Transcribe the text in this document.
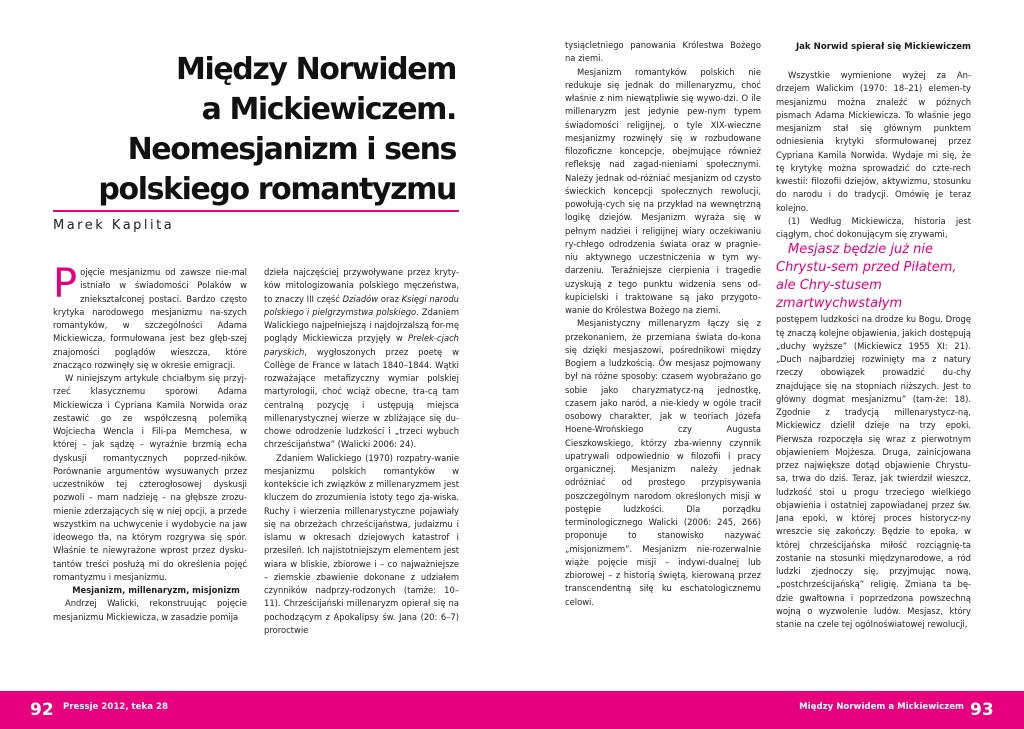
Między Norwidem
a Mickiewiczem.
Neomesjanizm i sens
polskiego romantyzmu
Marek Kaplita

Pojęcie mesjanizmu od zawsze nie-mal istniało w świadomości Polaków w zniekształconej postaci. Bardzo często krytyka narodowego mesjanizmu na-szych romantyków, w szczególności Adama Mickiewicza, formułowana jest bez głęb-szej znajomości poglądów wieszcza, które znacząco rozwinęły się w okresie emigracji.

W niniejszym artykule chciałbym się przyj-rzeć klasycznemu sporowi Adama Mickiewicza i Cypriana Kamila Norwida oraz zestawić go ze współczesną polemiką Wojciecha Wencla i Fili-pa Memchesa, w której – jak sądzę – wyraźnie brzmią echa dyskusji romantycznych poprzed-ników. Porównanie argumentów wysuwanych przez uczestników tej czterogłosowej dyskusji pozwoli – mam nadzieję – na głębsze zrozu-mienie zderzających się w niej opcji, a przede wszystkim na uchwycenie i wydobycie na jaw ideowego tła, na którym rozgrywa się spór. Właśnie te niewyrażone wprost przez dysku-tantów treści posłużą mi do określenia pojęć romantyzmu i mesjanizmu.

Mesjanizm, millenaryzm, misjonizm

Andrzej Walicki, rekonstruując pojęcie mesjanizmu Mickiewicza, w zasadzie pomija

dzieła najczęściej przywoływane przez kryty-ków mitologizowania polskiego męczeństwa, to znaczy III część Dziadów oraz Księgi narodu polskiego i pielgrzymstwa polskiego. Zdaniem Walickiego najpełniejszą i najdojrzalszą for-mę poglądy Mickiewicza przyjęły w Prelek-cjach paryskich, wygłoszonych przez poetę w Collège de France w latach 1840–1844. Wątki rozważające metafizyczny wymiar polskiej martyrologii, choć wciąż obecne, tra-cą tam centralną pozycję i ustępują miejsca millenarystycznej wierze w zbliżające się du-chowe odrodzenie ludzkości i „trzeci wybuch chrześcijaństwa” (Walicki 2006: 24).

Zdaniem Walickiego (1970) rozpatry-wanie mesjanizmu polskich romantyków w kontekście ich związków z millenaryzmem jest kluczem do zrozumienia istoty tego zja-wiska. Ruchy i wierzenia millenarystyczne pojawiały się na obrzeżach chrześcijaństwa, judaizmu i islamu w okresach dziejowych katastrof i przesileń. Ich najistotniejszym elementem jest wiara w bliskie, zbiorowe i – co najważniejsze – ziemskie zbawienie dokonane z udziałem czynników nadprzy-rodzonych (tamże: 10–11). Chrześcijański millenaryzm opierał się na pochodzącym z Apokalipsy św. Jana (20: 6–7) proroctwie

tysiącletniego panowania Królestwa Bożego na ziemi.

Mesjanizm romantyków polskich nie redukuje się jednak do millenaryzmu, choć właśnie z nim niewątpliwie się wywo-dzi. O ile millenaryzm jest jedynie pew-nym typem świadomości religijnej, o tyle XIX-wieczne mesjanizmy rozwinęły się w rozbudowane filozoficzne koncepcje, obejmujące również refleksję nad zagad-nieniami społecznymi. Należy jednak od-różniać mesjanizm od czysto świeckich koncepcji społecznych rewolucji, powołują-cych się na przykład na wewnętrzną logikę dziejów. Mesjanizm wyraża się w pełnym nadziei i religijnej wiary oczekiwaniu ry-chłego odrodzenia świata oraz w pragnie-niu aktywnego uczestniczenia w tym wy-darzeniu. Teraźniejsze cierpienia i tragedie uzyskują z tego punktu widzenia sens od-kupicielski i traktowane są jako przygoto-wanie do Królestwa Bożego na ziemi.

Mesjanistyczny millenaryzm łączy się z przekonaniem, że przemiana świata do-kona się dzięki mesjaszowi, pośrednikowi między Bogiem a ludzkością. Ów mesjasz pojmowany był na różne sposoby: czasem wyobrażano go sobie jako charyzmatycz-ną jednostkę, czasem jako naród, a nie-kiedy w ogóle tracił osobowy charakter, jak w teoriach Józefa Hoene-Wrońskiego czy Augusta Cieszkowskiego, którzy zba-wienny czynnik upatrywali odpowiednio w filozofii i pracy organicznej. Mesjanizm należy jednak odróżniać od prostego przypisywania poszczególnym narodom określonych misji w postępie ludzkości. Dla porządku terminologicznego Walicki (2006: 245, 266) proponuje to stanowisko nazywać „misjonizmem”. Mesjanizm nie-rozerwalnie wiąże pojęcie misji – indywi-dualnej lub zbiorowej – z historią świętą, kierowaną przez transcendentną siłę ku eschatologicznemu celowi.

Jak Norwid spierał się Mickiewiczem

Wszystkie wymienione wyżej za An-drzejem Walickim (1970: 18–21) elemen-ty mesjanizmu można znaleźć w późnych pismach Adama Mickiewicza. To właśnie jego mesjanizm stał się głównym punktem odniesienia krytyki sformułowanej przez Cypriana Kamila Norwida. Wydaje mi się, że tę krytykę można sprowadzić do czte-rech kwestii: filozofii dziejów, aktywizmu, stosunku do narodu i do tradycji. Omówię je teraz kolejno.

(1) Według Mickiewicza, historia jest ciągłym, choć dokonującym się zrywami,

Mesjasz będzie już nie Chrystu-sem przed Piłatem, ale Chry-stusem zmartwychwstałym

postępem ludzkości na drodze ku Bogu. Drogę tę znaczą kolejne objawienia, jakich dostępują „duchy wyższe” (Mickiewicz 1955 XI: 21). „Duch najbardziej rozwinięty ma z natury rzeczy obowiązek prowadzić du-chy znajdujące się na stopniach niższych. Jest to główny dogmat mesjanizmu” (tam-że: 18). Zgodnie z tradycją millenarystycz-ną, Mickiewicz dzielił dzieje na trzy epoki. Pierwsza rozpoczęła się wraz z pierwotnym objawieniem Mojżesza. Druga, zainicjowana przez największe dotąd objawienie Chrystu-sa, trwa do dziś. Teraz, jak twierdził wieszcz, ludzkość stoi u progu trzeciego wielkiego objawienia i ostatniej zapowiadanej przez św. Jana epoki, w której proces historycz-ny wreszcie się zakończy. Będzie to epoka, w której chrześcijańska miłość rozciągnię-ta zostanie na stosunki międzynarodowe, a ród ludzki zjednoczy się, przyjmując nową, „postchrześcijańską” religię. Zmiana ta bę-dzie gwałtowna i poprzedzona powszechną wojną o wyzwolenie ludów. Mesjasz, który stanie na czele tej ogólnoświatowej rewolucji,

92 Pressje 2012, teka 28	Między Norwidem a Mickiewiczem 93
